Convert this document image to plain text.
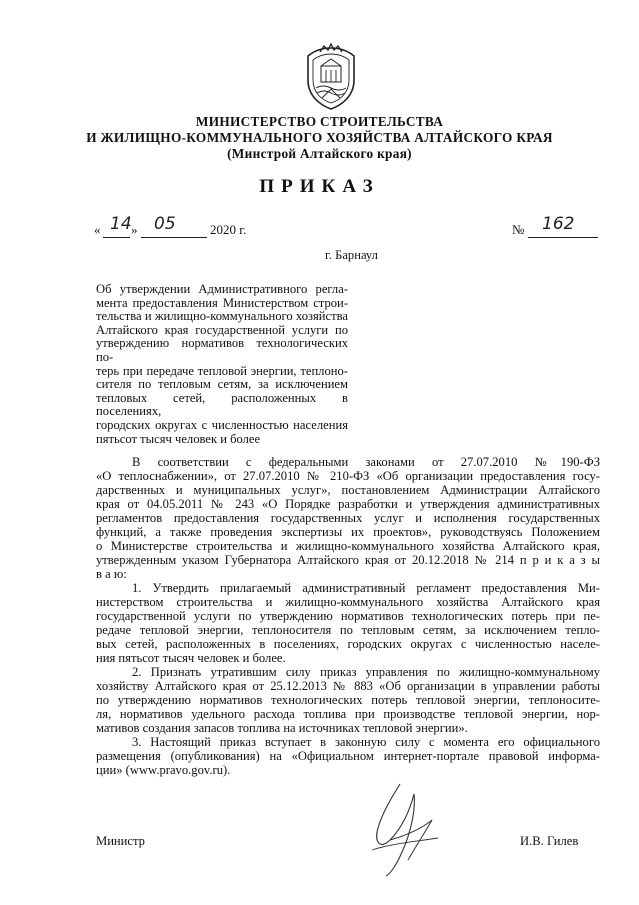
МИНИСТЕРСТВО СТРОИТЕЛЬСТВА
И ЖИЛИЩНО-КОММУНАЛЬНОГО ХОЗЯЙСТВА АЛТАЙСКОГО КРАЯ
(Минстрой Алтайского края)
ПРИКАЗ
« 14 » 05	2020 г.	№ 162
г. Барнаул
Об утверждении Административного регла-
мента предоставления Министерством строи-
тельства и жилищно-коммунального хозяйства
Алтайского края государственной услуги по
утверждению нормативов технологических по-
терь при передаче тепловой энергии, теплоно-
сителя по тепловым сетям, за исключением
тепловых сетей, расположенных в поселениях,
городских округах с численностью населения
пятьсот тысяч человек и более
В соответствии с федеральными законами от 27.07.2010 №190-ФЗ
«О теплоснабжении», от 27.07.2010 № 210-ФЗ «Об организации предоставления госу-
дарственных и муниципальных услуг», постановлением Администрации Алтайского
края от 04.05.2011 № 243 «О Порядке разработки и утверждения административных
регламентов предоставления государственных услуг и исполнения государственных
функций, а также проведения экспертизы их проектов», руководствуясь Положением
о Министерстве строительства и жилищно-коммунального хозяйства Алтайского края,
утвержденным указом Губернатора Алтайского края от 20.12.2018 № 214 п р и к а з ы
в а ю:
1. Утвердить прилагаемый административный регламент предоставления Ми-
нистерством строительства и жилищно-коммунального хозяйства Алтайского края
государственной услуги по утверждению нормативов технологических потерь при пе-
редаче тепловой энергии, теплоносителя по тепловым сетям, за исключением тепло-
вых сетей, расположенных в поселениях, городских округах с численностью населе-
ния пятьсот тысяч человек и более.
2. Признать утратившим силу приказ управления по жилищно-коммунальному
хозяйству Алтайского края от 25.12.2013 № 883 «Об организации в управлении работы
по утверждению нормативов технологических потерь тепловой энергии, теплоносите-
ля, нормативов удельного расхода топлива при производстве тепловой энергии, нор-
мативов создания запасов топлива на источниках тепловой энергии».
3. Настоящий приказ вступает в законную силу с момента его официального
размещения (опубликования) на «Официальном интернет-портале правовой информа-
ции» (www.pravo.gov.ru).
Министр	И.В. Гилев
